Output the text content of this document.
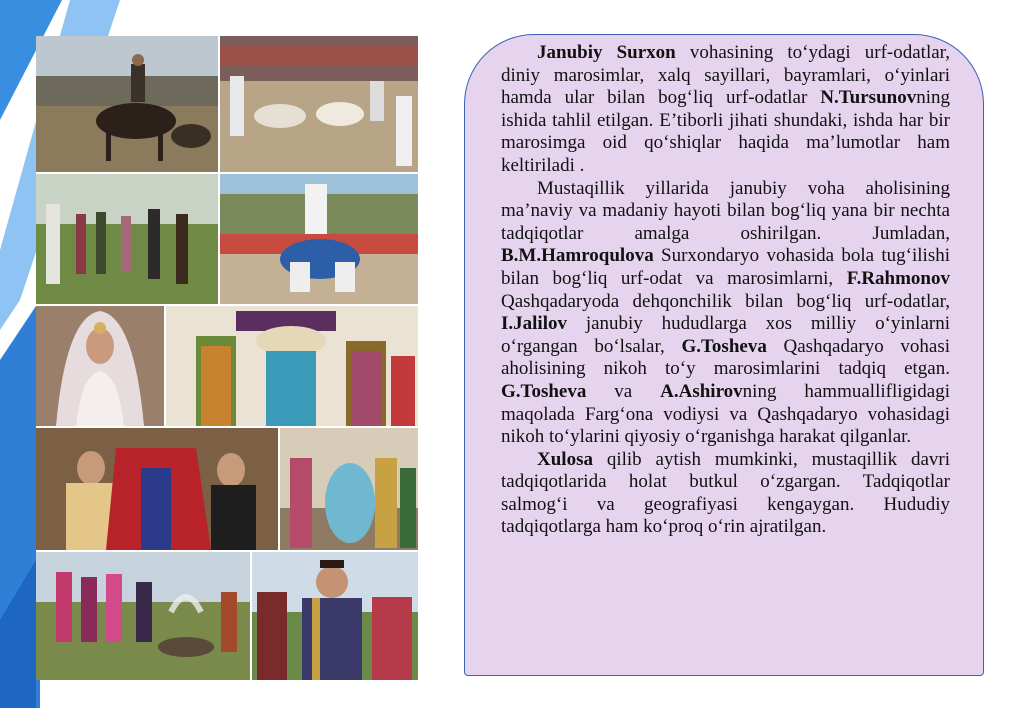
Janubiy Surxon vohasining to‘ydagi urf-odatlar, diniy marosimlar, xalq sayillari, bayramlari, o‘yinlari hamda ular bilan bog‘liq urf-odatlar N.Tursunovning ishida tahlil etilgan. E’tiborli jihati shundaki, ishda har bir marosimga oid qo‘shiqlar haqida ma’lumotlar ham keltiriladi .

Mustaqillik yillarida janubiy voha aholisining ma’naviy va madaniy hayoti bilan bog‘liq yana bir nechta tadqiqotlar amalga oshirilgan. Jumladan, B.M.Hamroqulova Surxondaryo vohasida bola tug‘ilishi bilan bog‘liq urf-odat va marosimlarni, F.Rahmonov Qashqadaryoda dehqonchilik bilan bog‘liq urf-odatlar, I.Jalilov janubiy hududlarga xos milliy o‘yinlarni o‘rgangan bo‘lsalar, G.Tosheva Qashqadaryo vohasi aholisining nikoh to‘y marosimlarini tadqiq etgan. G.Tosheva va A.Ashirovning hammuallifligidagi maqolada Farg‘ona vodiysi va Qashqadaryo vohasidagi nikoh to‘ylarini qiyosiy o‘rganishga harakat qilganlar.

Xulosa qilib aytish mumkinki, mustaqillik davri tadqiqotlarida holat butkul o‘zgargan. Tadqiqotlar salmog‘i va geografiyasi kengaygan. Hududiy tadqiqotlarga ham ko‘proq o‘rin ajratilgan.
